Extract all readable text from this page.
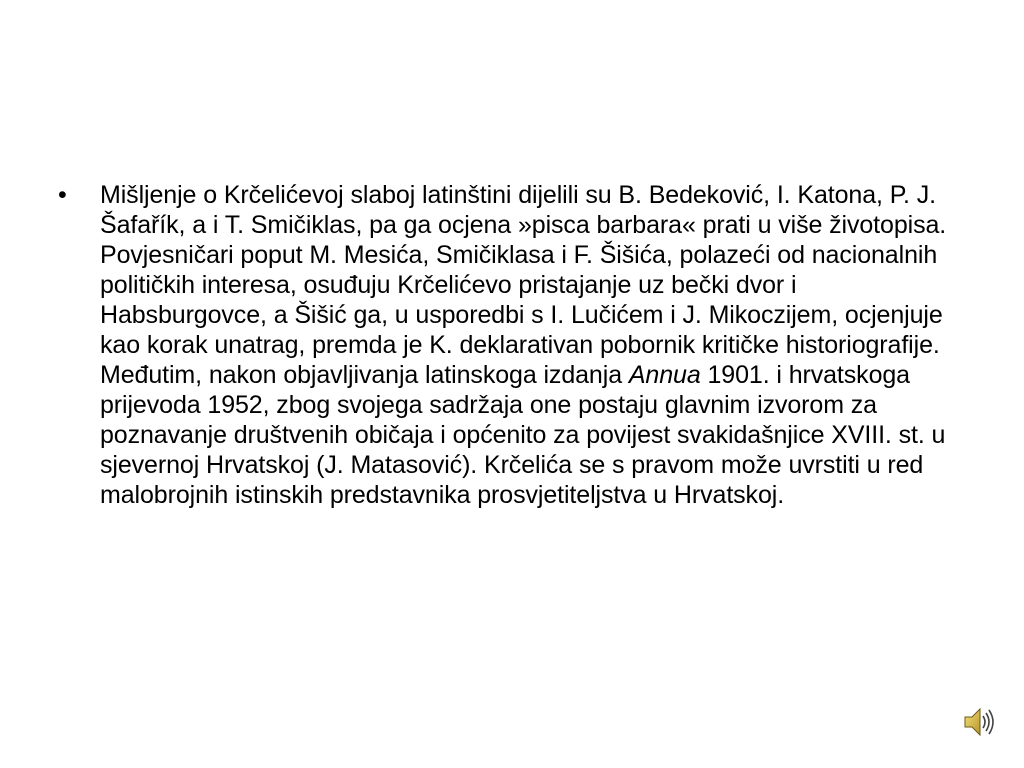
•	Mišljenje o Krčelićevoj slaboj latinštini dijelili su B. Bedeković, I. Katona, P. J. Šafařík, a i T. Smičiklas, pa ga ocjena »pisca barbara« prati u više životopisa. Povjesničari poput M. Mesića, Smičiklasa i F. Šišića, polazeći od nacionalnih političkih interesa, osuđuju Krčelićevo pristajanje uz bečki dvor i Habsburgovce, a Šišić ga, u usporedbi s I. Lučićem i J. Mikoczijem, ocjenjuje kao korak unatrag, premda je K. deklarativan pobornik kritičke historiografije. Međutim, nakon objavljivanja latinskoga izdanja Annua 1901. i hrvatskoga prijevoda 1952, zbog svojega sadržaja one postaju glavnim izvorom za poznavanje društvenih običaja i općenito za povijest svakidašnjice XVIII. st. u sjevernoj Hrvatskoj (J. Matasović). Krčelića se s pravom može uvrstiti u red malobrojnih istinskih predstavnika prosvjetiteljstva u Hrvatskoj.
